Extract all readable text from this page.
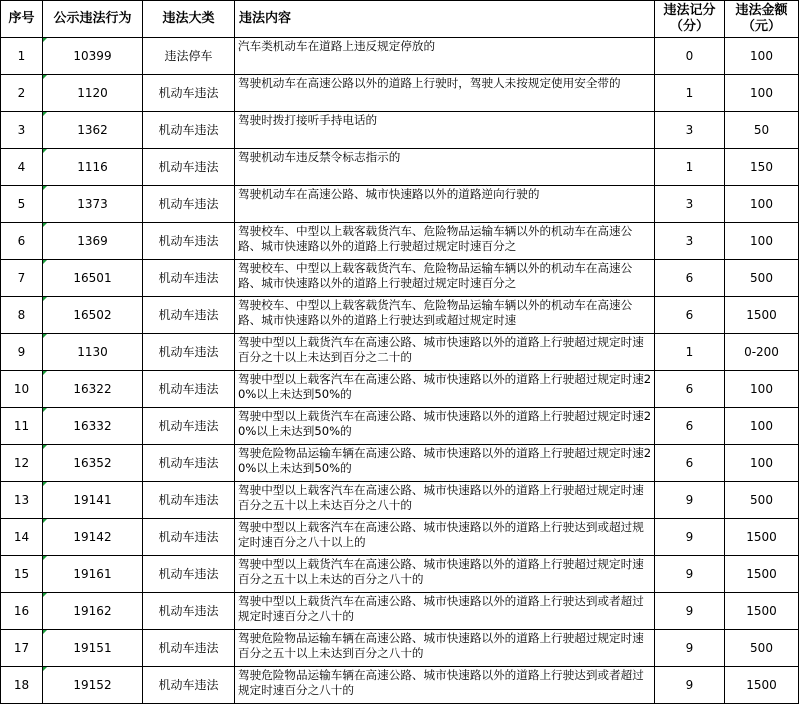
序号	公示违法行为	违法大类	违法内容	违法记分（分）	违法金额（元）
1	10399	违法停车	汽车类机动车在道路上违反规定停放的	0	100
2	1120	机动车违法	驾驶机动车在高速公路以外的道路上行驶时，驾驶人未按规定使用安全带的	1	100
3	1362	机动车违法	驾驶时拨打接听手持电话的	3	50
4	1116	机动车违法	驾驶机动车违反禁令标志指示的	1	150
5	1373	机动车违法	驾驶机动车在高速公路、城市快速路以外的道路逆向行驶的	3	100
6	1369	机动车违法	驾驶校车、中型以上载客载货汽车、危险物品运输车辆以外的机动车在高速公路、城市快速路以外的道路上行驶超过规定时速百分之	3	100
7	16501	机动车违法	驾驶校车、中型以上载客载货汽车、危险物品运输车辆以外的机动车在高速公路、城市快速路以外的道路上行驶超过规定时速百分之	6	500
8	16502	机动车违法	驾驶校车、中型以上载客载货汽车、危险物品运输车辆以外的机动车在高速公路、城市快速路以外的道路上行驶达到或超过规定时速	6	1500
9	1130	机动车违法	驾驶中型以上载货汽车在高速公路、城市快速路以外的道路上行驶超过规定时速百分之十以上未达到百分之二十的	1	0-200
10	16322	机动车违法	驾驶中型以上载客汽车在高速公路、城市快速路以外的道路上行驶超过规定时速20%以上未达到50%的	6	100
11	16332	机动车违法	驾驶中型以上载货汽车在高速公路、城市快速路以外的道路上行驶超过规定时速20%以上未达到50%的	6	100
12	16352	机动车违法	驾驶危险物品运输车辆在高速公路、城市快速路以外的道路上行驶超过规定时速20%以上未达到50%的	6	100
13	19141	机动车违法	驾驶中型以上载客汽车在高速公路、城市快速路以外的道路上行驶超过规定时速百分之五十以上未达百分之八十的	9	500
14	19142	机动车违法	驾驶中型以上载客汽车在高速公路、城市快速路以外的道路上行驶达到或超过规定时速百分之八十以上的	9	1500
15	19161	机动车违法	驾驶中型以上载货汽车在高速公路、城市快速路以外的道路上行驶超过规定时速百分之五十以上未达的百分之八十的	9	1500
16	19162	机动车违法	驾驶中型以上载货汽车在高速公路、城市快速路以外的道路上行驶达到或者超过规定时速百分之八十的	9	1500
17	19151	机动车违法	驾驶危险物品运输车辆在高速公路、城市快速路以外的道路上行驶超过规定时速百分之五十以上未达到百分之八十的	9	500
18	19152	机动车违法	驾驶危险物品运输车辆在高速公路、城市快速路以外的道路上行驶达到或者超过规定时速百分之八十的	9	1500
